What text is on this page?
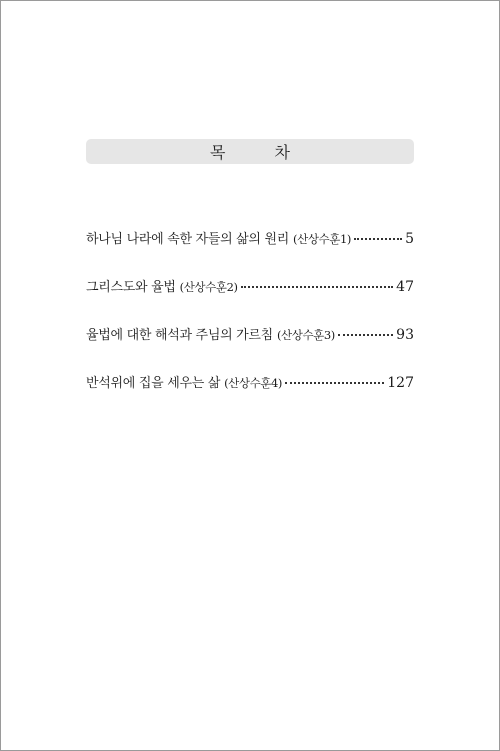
목 차
하나님 나라에 속한 자들의 삶의 원리 (산상수훈1)	5
그리스도와 율법 (산상수훈2)	47
율법에 대한 해석과 주님의 가르침 (산상수훈3)	93
반석위에 집을 세우는 삶 (산상수훈4)	127
